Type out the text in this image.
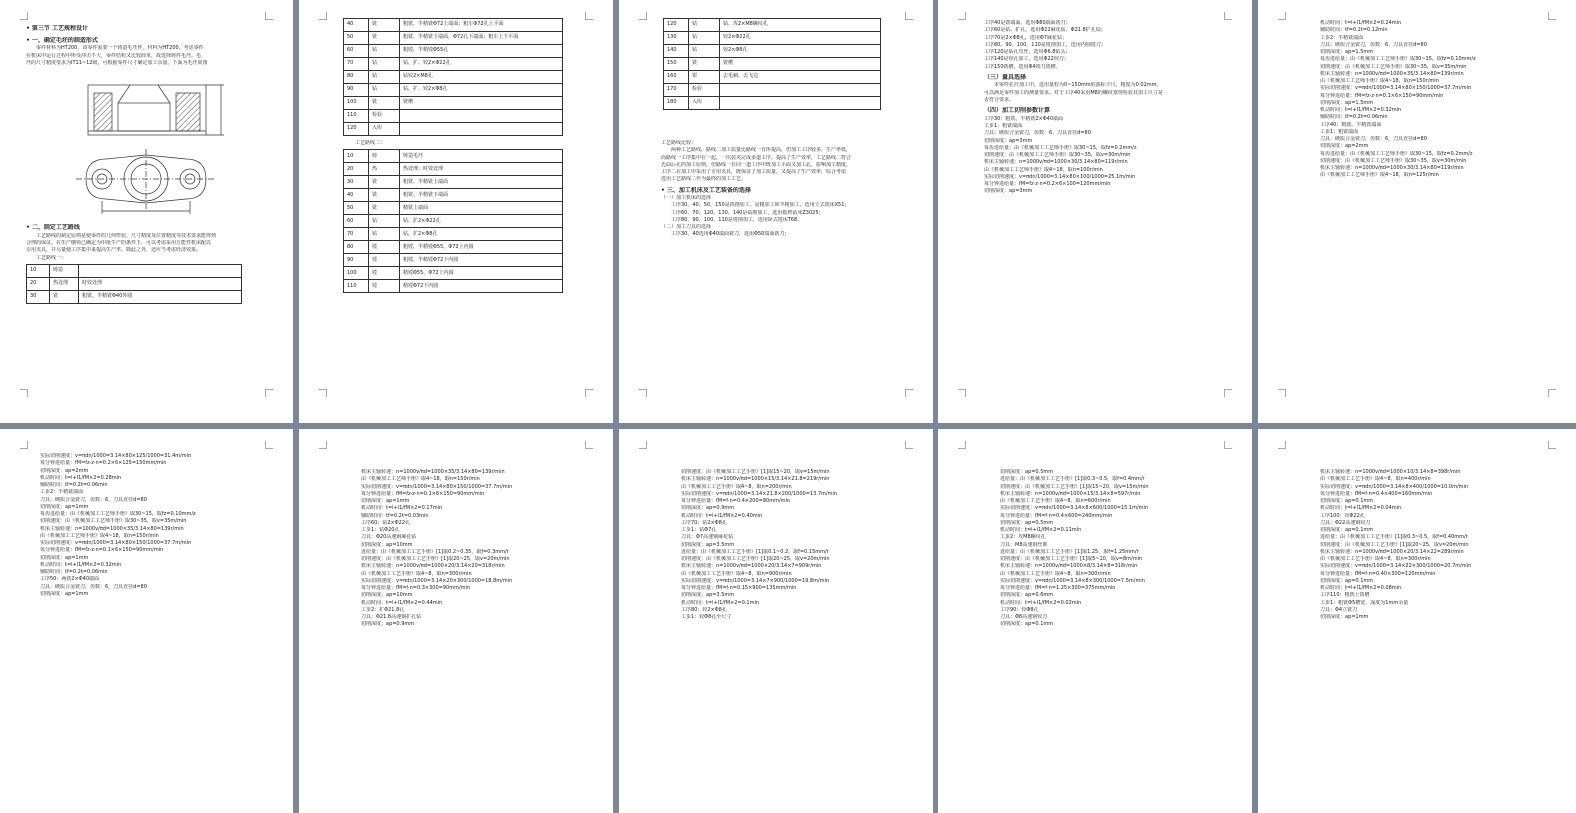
• 第三节 工艺规程设计

• 一、确定毛坯的制造形式

　　零件材料为HT200，该零件需要一个铸造毛坯件，材料为HT200。考虑零件

在机床中运行过程中所受冲击不大，零件结构又比较简单，故选择铸件毛坯。毛

坯的尺寸精度要求为IT11~12级，可根据零件尺寸确定加工余量。下面为毛坯简图

• 二、制定工艺路线

　　工艺路线的制定原则是使零件的几何形状、尺寸精度及位置精度等技术要求能得到

合理的保证。在生产纲领已确定为中批生产的条件下，可以考虑采用万能性机床配以

专用夹具，并尽量使工序集中来提高生产率。除此之外，还应当考虑经济效果。

　　工艺路线一：

10	铸造	
20	热处理	时效处理
30	铣	粗铣、半精铣Φ40外圆
40	铣	粗铣、半精铣Φ72上端面；粗车Φ72孔上平面
50	铣	粗铣、半精铣下端面，Φ72孔下端面；粗车上下平面
60	钻	粗镗、半精镗Φ55孔
70	钻	钻、扩、铰2×Φ22孔
80	钻	钻铰2×M8孔
90	钻	钻、扩、铰2×Φ8孔
100	铣	铣槽
110	检验	
120	入库	

工艺路线二：

10	铸	铸造毛坯
20	热	热处理：时效处理
30	铣	粗铣、半精铣上端面
40	铣	粗铣、半精铣下端面
50	铣	精铣上端面
60	钻	钻、扩2×Φ22孔
70	钻	钻、扩2×Φ8孔
80	镗	粗镗、半精镗Φ55、Φ72上内圆
90	镗	粗镗、半精镗Φ72下内圆
100	镗	精镗Φ55、Φ72上内圆
110	镗	精镗Φ72下内圆
120	钻	钻、攻2×M8螺纹孔
130	钻	铰2×Φ22孔
140	钻	铰2×Φ8孔
150	铣	铣槽
160	钳	去毛刺、去飞边
170	检验	
180	入库	

工艺路线比较：

　　两种工艺路线，路线二加工质量比路线一有所提高，但加工工序较多，生产率低，

而路线一工序集中在一起，一次装夹完成多道工序，提高了生产效率，工艺路线二符合

先面后孔的加工原则，但路线一在同一道工序中既加工平面又加工孔，影响加工精度，

工序二在加工中采用了专用夹具，既保证了加工质量，又提高了生产效率，综合考虑

选用工艺路线二作为最终的加工工艺。

• 三、加工机床及工艺装备的选择

（一）加工机床的选择

　　工序30、40、50、150是铣削加工，是粗加工和半精加工，选用立式铣床X51；

　　工序60、70、120、130、140是钻削加工，选用摇臂钻床Z3025；

　　工序80、90、100、110是镗削加工，选用卧式镗床T68。

（二）加工刀具的选择

　　工序30、40选用Φ40端面铣刀，选用Φ50端面铣刀；

工序40是铣端面，选用Φ80端面铣刀；

工序60是钻、扩孔，选用Φ22麻花钻、Φ21.8扩孔钻；

工序70是2×Φ8孔，选用Φ7麻花钻；

工序80、90、100、110是镗削加工，选用内圆镗刀；

工序120是钻孔攻丝，选用Φ6.8钻头；

工序140是铰孔加工，选用Φ22铰刀；

工序150铣槽，选用Φ4铣刀铣槽。

（三）量具选择

　　本零件孔径加工中，选用量程为0~150mm的游标卡尺，精度为0.02mm，

可以满足零件加工的测量要求。对于工序40采用M8的螺纹塞规检验其加工尺寸是

否符合要求。

（四）加工切削参数计算

工序30：粗铣、半精铣2×Φ40端面

工步1：粗铣端面

刀具：硬质合金铣刀，齿数：6，刀具直径d=80

切削深度：ap=3mm

每齿进给量：由《机械加工工艺师手册》取30~15，取fz=0.2mm/z

切削速度：由《机械加工工艺师手册》取30~35，取v=30m/min

机床主轴转速：n=1000v/πd=1000×30/3.14×80=119r/min

由《机械加工工艺师手册》取4~18，取n=100r/min

实际切削速度：v=πdn/1000=3.14×80×100/1000=25.1m/min

每分钟进给量：fM=fz·z·n=0.2×6×100=120mm/min

切削深度：ap=3mm

机动时间：t=l+l1/fM×2=0.24min

辅助时间：tf=0.2t=0.12min

工步2：半精铣端面

刀具：硬质合金铣刀，齿数：6，刀具直径d=80

切削深度：ap=1.5mm

每齿进给量：由《机械加工工艺师手册》取30~15，取fz=0.10mm/z

切削速度：由《机械加工工艺师手册》取30~35，取v=35m/min

机床主轴转速：n=1000v/πd=1000×35/3.14×80=139r/min

由《机械加工工艺师手册》取4~18，取n=150r/min

实际切削速度：v=πdn/1000=3.14×80×150/1000=37.7m/min

每分钟进给量：fM=fz·z·n=0.1×6×150=90mm/min

切削深度：ap=1.5mm

机动时间：t=l+l1/fM×2=0.32min

辅助时间：tf=0.2t=0.06min

工序40：粗铣、半精铣端面

工步1：粗铣端面

刀具：硬质合金铣刀，齿数：6，刀具直径d=80

切削深度：ap=2mm

每齿进给量：由《机械加工工艺师手册》取30~15，取fz=0.2mm/z

切削速度：由《机械加工工艺师手册》取30~35，取v=30m/min

机床主轴转速：n=1000v/πd=1000×30/3.14×80=119r/min

由《机械加工工艺师手册》取4~18，取n=125r/min

实际切削速度：v=πdn/1000=3.14×80×125/1000=31.4m/min

每分钟进给量：fM=fz·z·n=0.2×6×125=150mm/min

切削深度：ap=2mm

机动时间：t=l+l1/fM×2=0.28min

辅助时间：tf=0.2t=0.06min

工步2：半精铣端面

刀具：硬质合金铣刀，齿数：6，刀具直径d=80

切削深度：ap=1mm

每齿进给量：由《机械加工工艺师手册》取30~15，取fz=0.10mm/z

切削速度：由《机械加工工艺师手册》取30~35，取v=35m/min

机床主轴转速：n=1000v/πd=1000×35/3.14×80=139r/min

由《机械加工工艺师手册》取4~18，取n=150r/min

实际切削速度：v=πdn/1000=3.14×80×150/1000=37.7m/min

每分钟进给量：fM=fz·z·n=0.1×6×150=90mm/min

切削深度：ap=1mm

机动时间：t=l+l1/fM×2=0.32min

辅助时间：tf=0.2t=0.06min

工序50：两铣2×Φ40端面

刀具：硬质合金铣刀，齿数：6，刀具直径d=80

切削深度：ap=1mm

机床主轴转速：n=1000v/πd=1000×35/3.14×80=139r/min

由《机械加工工艺师手册》取4~18，取n=150r/min

实际切削速度：v=πdn/1000=3.14×80×150/1000=37.7m/min

每分钟进给量：fM=fz·z·n=0.1×6×150=90mm/min

切削深度：ap=1mm

机动时间：t=l+l1/fM×2=0.17min

辅助时间：tf=0.2t=0.03min

工序60：钻2×Φ22孔

工步1：钻Φ20孔

刀具：Φ20高速钢麻花钻

切削深度：ap=10mm

进给量：由《机械加工工艺手册》[1]取0.2~0.35，取f=0.3mm/r

切削速度：由《机械加工工艺手册》[1]取20~25，取v=20m/min

机床主轴转速：n=1000v/πd=1000×20/3.14×20=318r/min

由《机械加工工艺手册》取4~8，取n=300r/min

实际切削速度：v=πdn/1000=3.14×20×300/1000=18.8m/min

每分钟进给量：fM=f·n=0.3×300=90mm/min

切削深度：ap=10mm

机动时间：t=l+l1/fM×2=0.44min

工步2：扩Φ21.8孔

刀具：Φ21.8高速钢扩孔钻

切削深度：ap=0.9mm

切削速度：由《机械加工工艺手册》[1]取15~20，取v=15m/min

机床主轴转速：n=1000v/πd=1000×15/3.14×21.8=219r/min

由《机械加工工艺手册》取4~8，取n=200r/min

实际切削速度：v=πdn/1000=3.14×21.8×200/1000=13.7m/min

每分钟进给量：fM=f·n=0.4×200=80mm/min

切削深度：ap=0.9mm

机动时间：t=l+l1/fM×2=0.40min

工序70：钻2×Φ8孔

工步1：钻Φ7孔

刀具：Φ7高速钢麻花钻

切削深度：ap=3.5mm

进给量：由《机械加工工艺手册》[1]取0.1~0.2，取f=0.15mm/r

切削速度：由《机械加工工艺手册》[1]取20~25，取v=20m/min

机床主轴转速：n=1000v/πd=1000×20/3.14×7=909r/min

由《机械加工工艺手册》取4~8，取n=900r/min

实际切削速度：v=πdn/1000=3.14×7×900/1000=19.8m/min

每分钟进给量：fM=f·n=0.15×900=135mm/min

切削深度：ap=3.5mm

机动时间：t=l+l1/fM×2=0.1min

工序80：铰2×Φ8孔

工步1：铰Φ8孔至尺寸

切削深度：ap=0.5mm

进给量：由《机械加工工艺手册》[1]取0.3~0.5，取f=0.4mm/r

切削速度：由《机械加工工艺手册》[1]取15~20，取v=15m/min

机床主轴转速：n=1000v/πd=1000×15/3.14×8=597r/min

由《机械加工工艺手册》取4~8，取n=600r/min

实际切削速度：v=πdn/1000=3.14×8×600/1000=15.1m/min

每分钟进给量：fM=f·n=0.4×600=240mm/min

切削深度：ap=0.5mm

机动时间：t=l+l1/fM×2=0.11min

工步2：攻M8螺纹孔

刀具：M8高速钢丝锥

进给量：由《机械加工工艺手册》[1]取1.25，取f=1.25mm/r

切削速度：由《机械加工工艺手册》[1]取5~10，取v=8m/min

机床主轴转速：n=1000v/πd=1000×8/3.14×8=318r/min

由《机械加工工艺手册》取4~8，取n=300r/min

实际切削速度：v=πdn/1000=3.14×8×300/1000=7.5m/min

每分钟进给量：fM=f·n=1.25×300=375mm/min

切削深度：ap=0.6mm

机动时间：t=l+l1/fM×2=0.02min

工序90：铰Φ8孔

刀具：Φ8高速钢铰刀

切削深度：ap=0.1mm

机床主轴转速：n=1000v/πd=1000×10/3.14×8=398r/min

由《机械加工工艺手册》取4~8，取n=400r/min

实际切削速度：v=πdn/1000=3.14×8×400/1000=10.0m/min

每分钟进给量：fM=f·n=0.4×400=160mm/min

切削深度：ap=0.1mm

机动时间：t=l+l1/fM×2=0.04min

工序100：铰Φ22孔

刀具：Φ22高速钢铰刀

切削深度：ap=0.1mm

进给量：由《机械加工工艺手册》[1]取0.3~0.5，取f=0.40mm/r

切削速度：由《机械加工工艺手册》[1]取20~25，取v=20m/min

机床主轴转速：n=1000v/πd=1000×20/3.14×22=289r/min

由《机械加工工艺手册》取4~8，取n=300r/min

实际切削速度：v=πdn/1000=3.14×22×300/1000=20.7m/min

每分钟进给量：fM=f·n=0.40×300=120mm/min

切削深度：ap=0.1mm

机动时间：t=l+l1/fM×2=0.08min

工序110：粗铣上铣槽

工步1：粗铣Φ5槽宽，深度为1mm余量

刀具：Φ4立铣刀

切削深度：ap=1mm
